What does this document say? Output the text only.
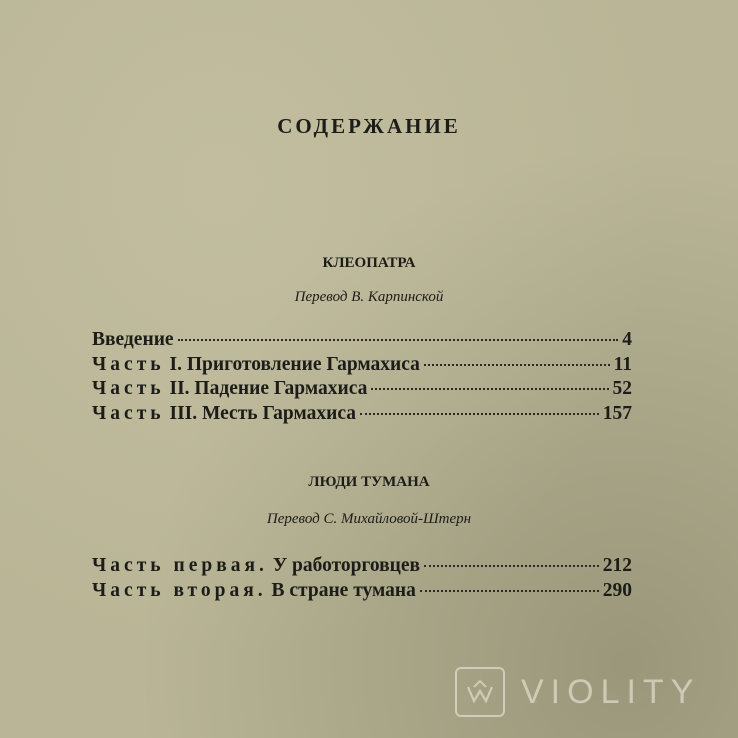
СОДЕРЖАНИЕ
КЛЕОПАТРА
Перевод В. Карпинской
Введение	4
Часть I. Приготовление Гармахиса	11
Часть II. Падение Гармахиса	52
Часть III. Месть Гармахиса	157
ЛЮДИ ТУМАНА
Перевод С. Михайловой-Штерн
Часть первая. У работорговцев	212
Часть вторая. В стране тумана	290
VIOLITY
